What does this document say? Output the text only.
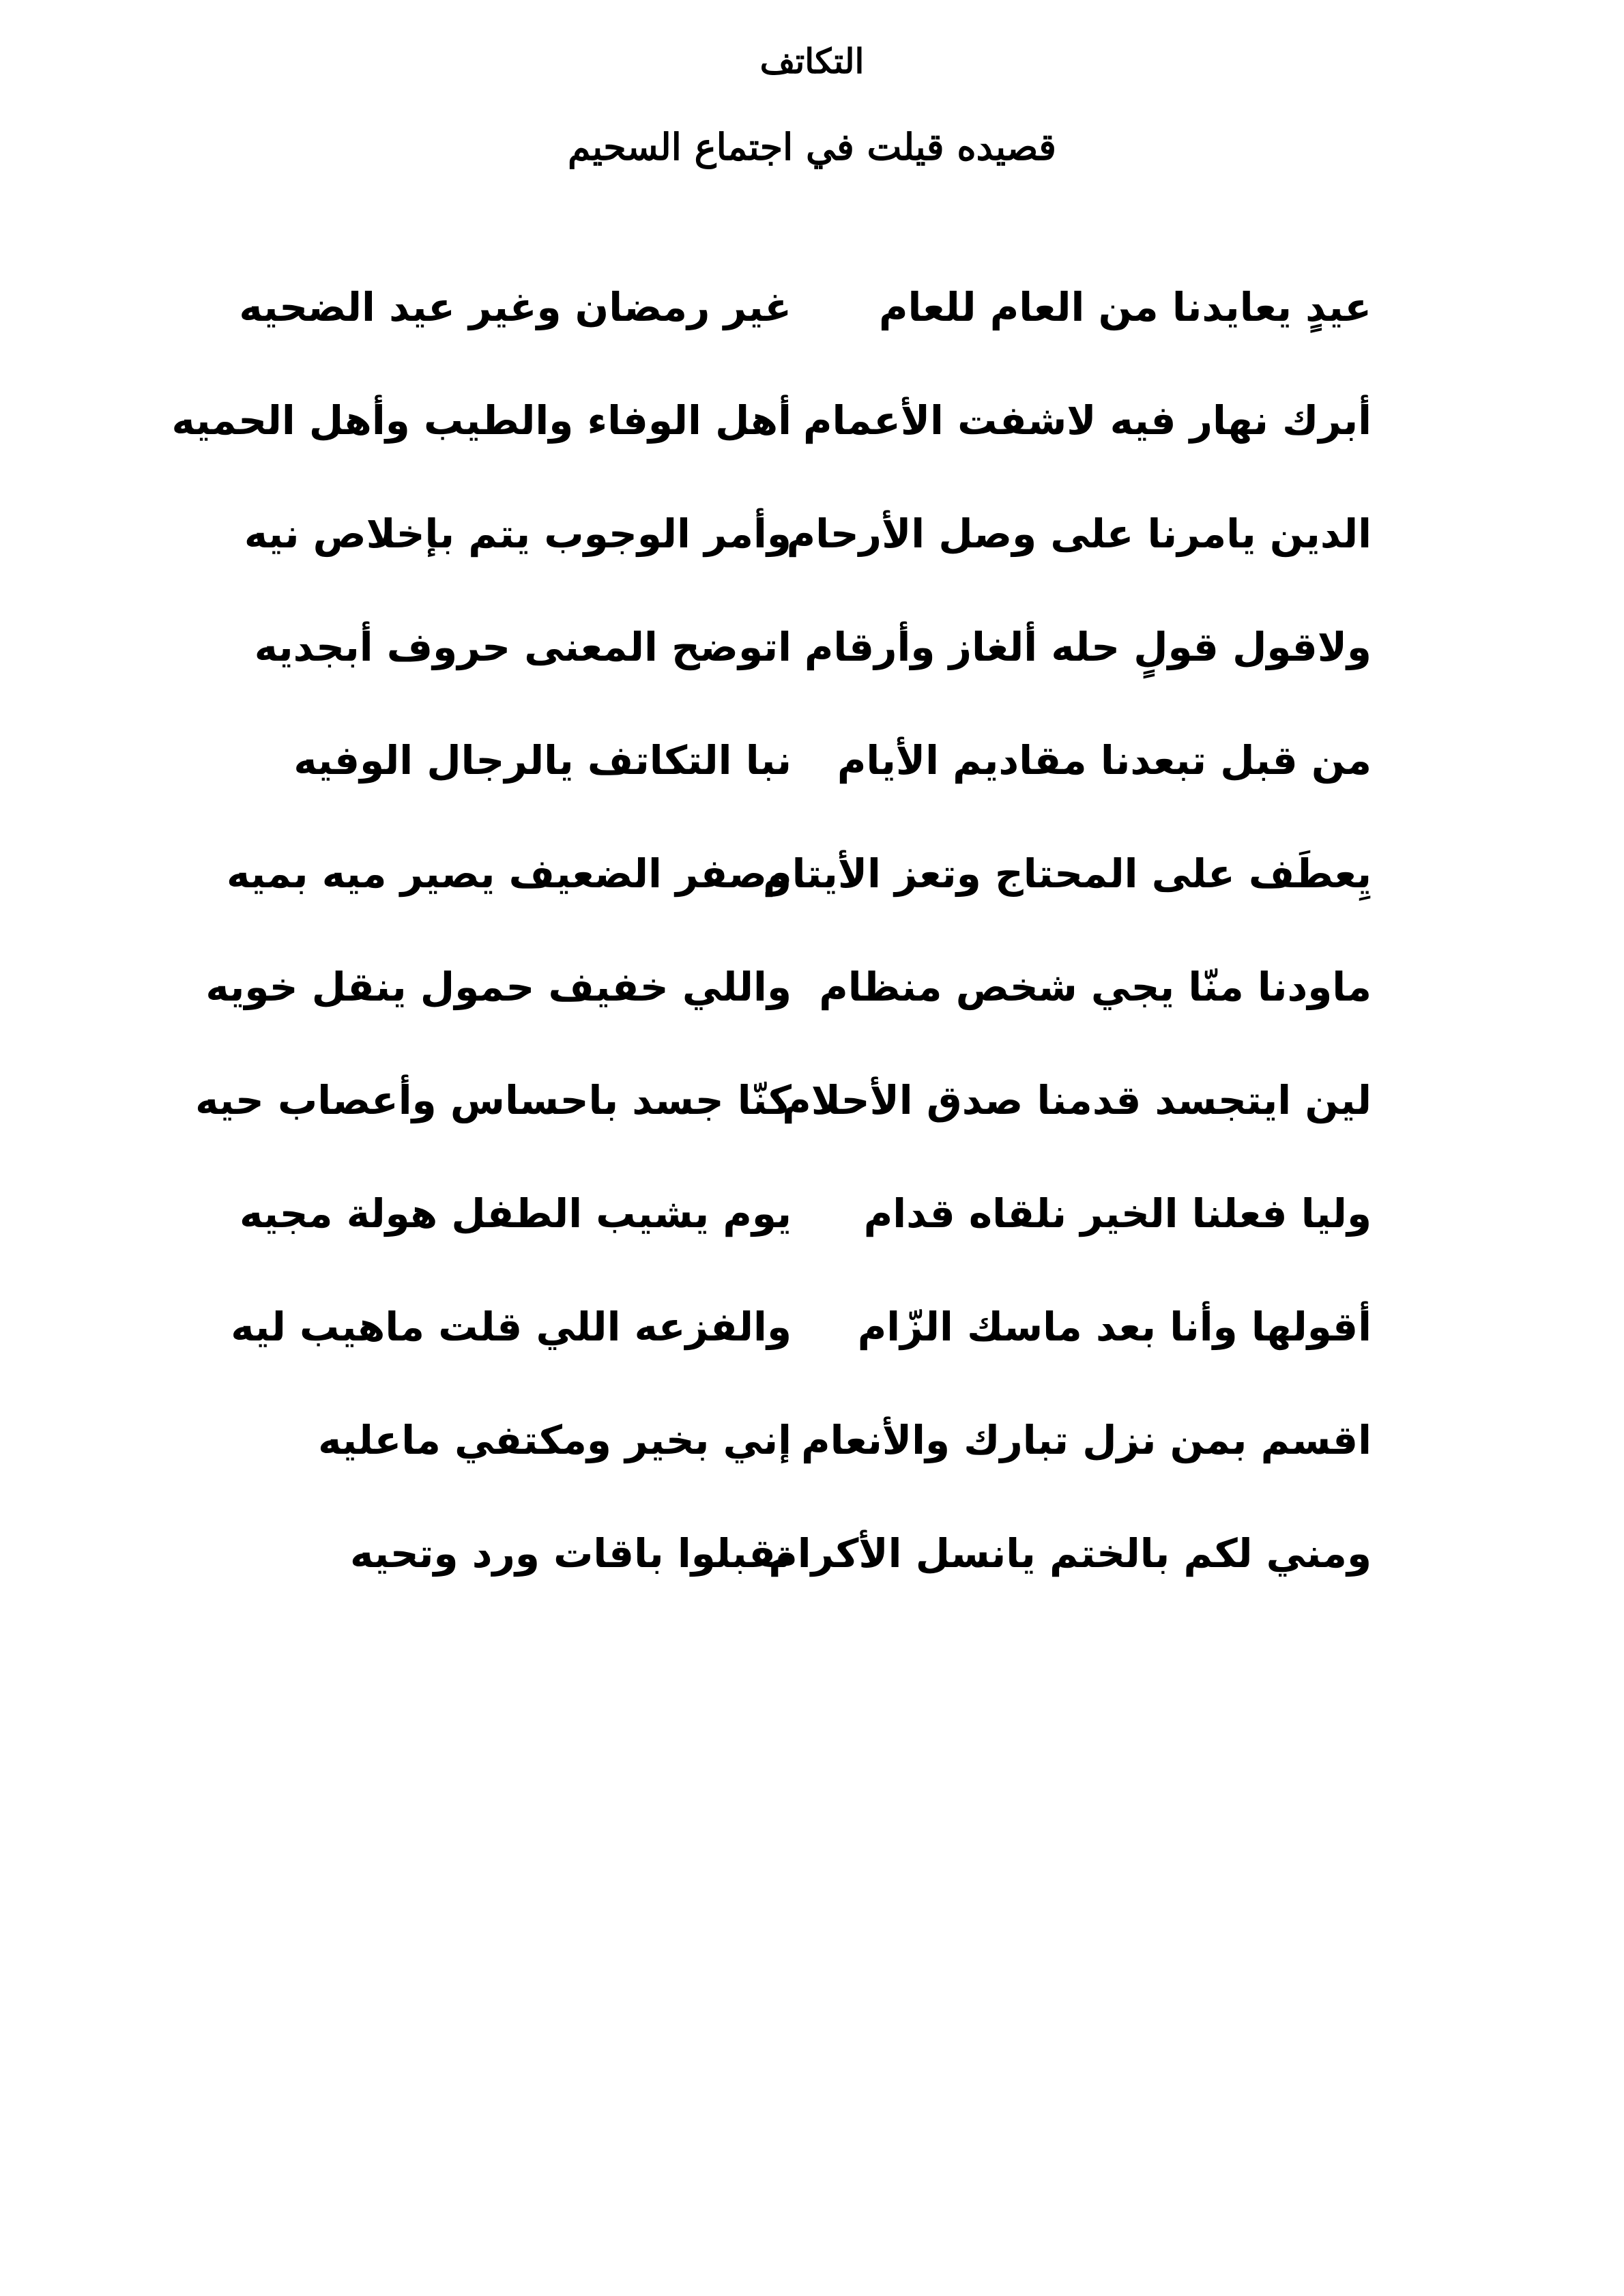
التكاتف
قصيده قيلت في اجتماع السحيم
عيدٍ يعايدنا من العام للعام
غير رمضان وغير عيد الضحيه
أبرك نهار فيه لاشفت الأعمام
أهل الوفاء والطيب وأهل الحميه
الدين يامرنا على وصل الأرحام
وأمر الوجوب يتم بإخلاص نيه
ولاقول قولٍ حله ألغاز وأرقام
اتوضح المعنى حروف أبجديه
من قبل تبعدنا مقاديم الأيام
نبا التكاتف يالرجال الوفيه
يِعطَف على المحتاج وتعز الأيتام
وصفر الضعيف يصير ميه بميه
ماودنا منّا يجي شخص منظام
واللي خفيف حمول ينقل خويه
لين ايتجسد قدمنا صدق الأحلام
كنّا جسد باحساس وأعصاب حيه
وليا فعلنا الخير نلقاه قدام
يوم يشيب الطفل هولة مجيه
أقولها وأنا بعد ماسك الزّام
والفزعه اللي قلت ماهيب ليه
اقسم بمن نزل تبارك والأنعام
إني بخير ومكتفي ماعليه
ومني لكم بالختم يانسل الأكرام
تقبلوا باقات ورد وتحيه
